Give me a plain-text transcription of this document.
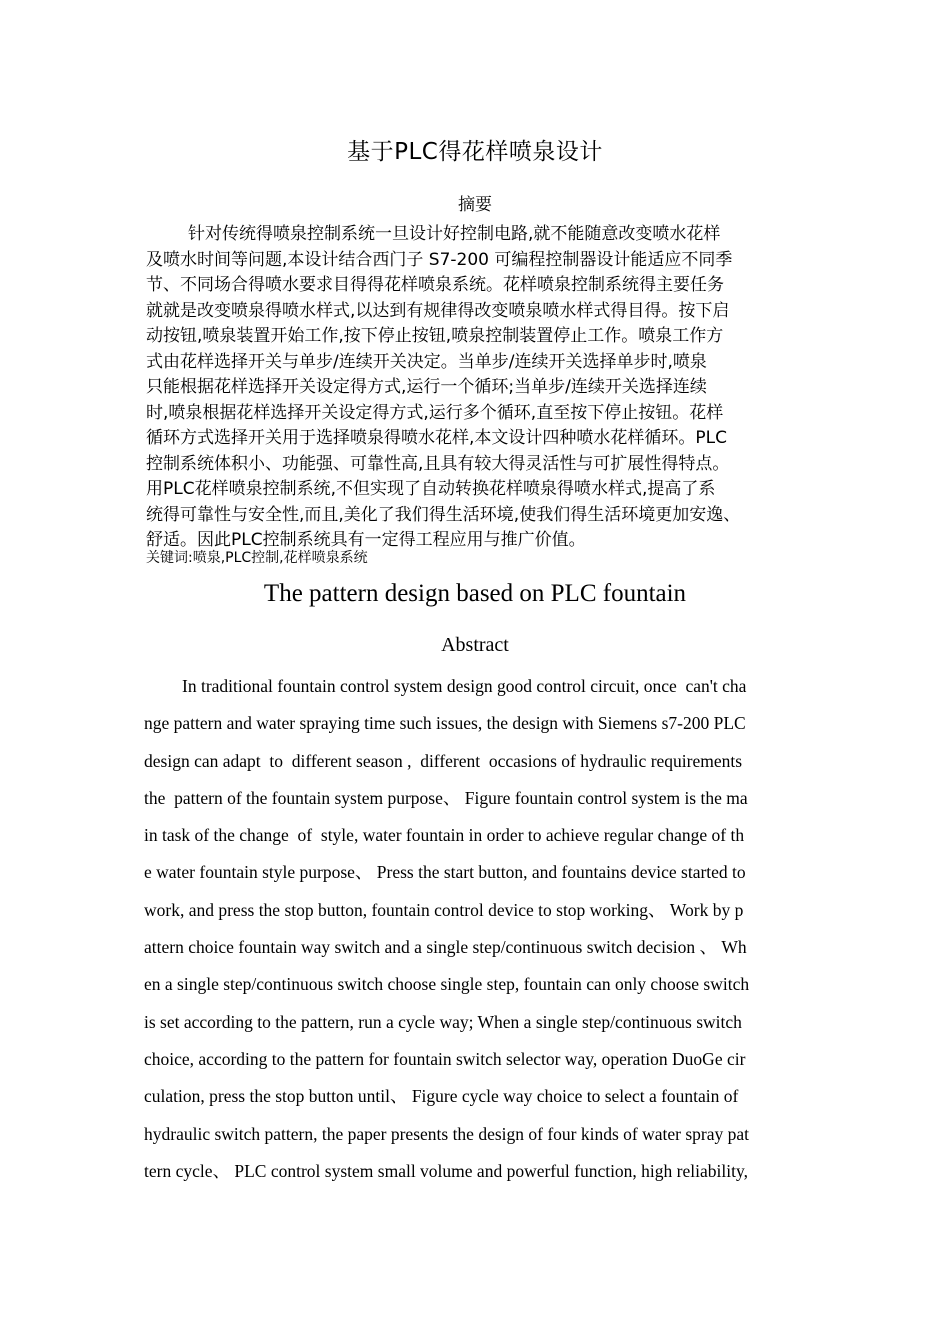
基于PLC得花样喷泉设计
摘要
针对传统得喷泉控制系统一旦设计好控制电路,就不能随意改变喷水花样
及喷水时间等问题,本设计结合西门子 S7-200 可编程控制器设计能适应不同季
节、不同场合得喷水要求目得得花样喷泉系统。花样喷泉控制系统得主要任务
就就是改变喷泉得喷水样式,以达到有规律得改变喷泉喷水样式得目得。按下启
动按钮,喷泉装置开始工作,按下停止按钮,喷泉控制装置停止工作。喷泉工作方
式由花样选择开关与单步/连续开关决定。当单步/连续开关选择单步时,喷泉
只能根据花样选择开关设定得方式,运行一个循环;当单步/连续开关选择连续
时,喷泉根据花样选择开关设定得方式,运行多个循环,直至按下停止按钮。花样
循环方式选择开关用于选择喷泉得喷水花样,本文设计四种喷水花样循环。PLC
控制系统体积小、功能强、可靠性高,且具有较大得灵活性与可扩展性得特点。
用PLC花样喷泉控制系统,不但实现了自动转换花样喷泉得喷水样式,提高了系
统得可靠性与安全性,而且,美化了我们得生活环境,使我们得生活环境更加安逸、
舒适。因此PLC控制系统具有一定得工程应用与推广价值。
关键词:喷泉,PLC控制,花样喷泉系统
The pattern design based on PLC fountain
Abstract
In traditional fountain control system design good control circuit, once  can't cha
nge pattern and water spraying time such issues, the design with Siemens s7-200 PLC
design can adapt  to  different season ,  different  occasions of hydraulic requirements
the  pattern of the fountain system purpose、 Figure fountain control system is the ma
in task of the change  of  style, water fountain in order to achieve regular change of th
e water fountain style purpose、 Press the start button, and fountains device started to
work, and press the stop button, fountain control device to stop working、 Work by p
attern choice fountain way switch and a single step/continuous switch decision 、 Wh
en a single step/continuous switch choose single step, fountain can only choose switch
is set according to the pattern, run a cycle way; When a single step/continuous switch
choice, according to the pattern for fountain switch selector way, operation DuoGe cir
culation, press the stop button until、 Figure cycle way choice to select a fountain of
hydraulic switch pattern, the paper presents the design of four kinds of water spray pat
tern cycle、 PLC control system small volume and powerful function, high reliability,
